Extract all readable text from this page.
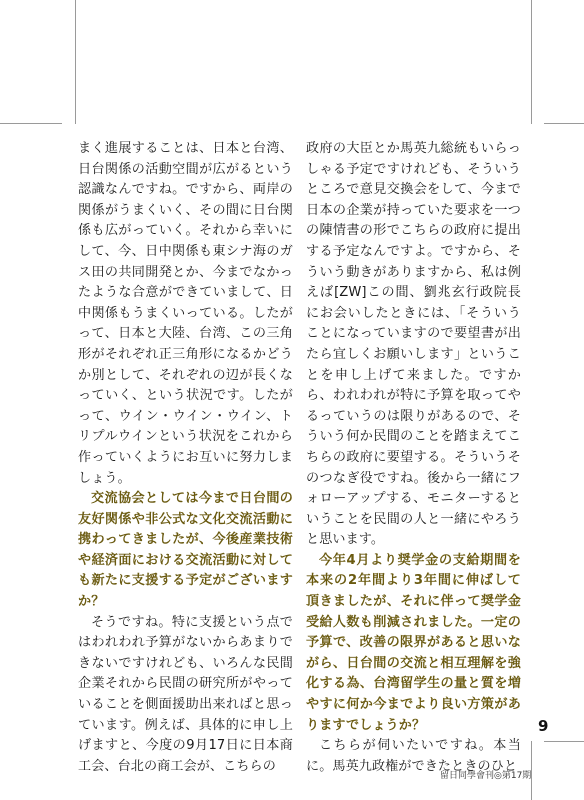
まく進展することは、日本と台湾、日台関係の活動空間が広がるという認識なんですね。ですから、両岸の関係がうまくいく、その間に日台関係も広がっていく。それから幸いにして、今、日中関係も東シナ海のガス田の共同開発とか、今までなかったような合意ができていまして、日中関係もうまくいっている。したがって、日本と大陸、台湾、この三角形がそれぞれ正三角形になるかどうか別として、それぞれの辺が長くなっていく、という状況です。したがって、ウイン・ウイン・ウイン、トリプルウインという状況をこれから作っていくようにお互いに努力しましょう。

交流協会としては今まで日台間の友好関係や非公式な文化交流活動に携わってきましたが、今後産業技術や経済面における交流活動に対しても新たに支援する予定がございますか？

そうですね。特に支援という点ではわれわれ予算がないからあまりできないですけれども、いろんな民間企業それから民間の研究所がやっていることを側面援助出来ればと思っています。例えば、具体的に申し上げますと、今度の9月17日に日本商工会、台北の商工会が、こちらの

政府の大臣とか馬英九総統もいらっしゃる予定ですけれども、そういうところで意見交換会をして、今まで日本の企業が持っていた要求を一つの陳情書の形でこちらの政府に提出する予定なんですよ。ですから、そういう動きがありますから、私は例えば[ZW]この間、劉兆玄行政院長にお会いしたときには、「そういうことになっていますので要望書が出たら宜しくお願いします」ということを申し上げて来ました。ですから、われわれが特に予算を取ってやるっていうのは限りがあるので、そういう何か民間のことを踏まえてこちらの政府に要望する。そういうそのつなぎ役ですね。後から一緒にフォローアップする、モニターするということを民間の人と一緒にやろうと思います。

今年4月より奨学金の支給期間を本来の2年間より3年間に伸ばして頂きましたが、それに伴って奨学金受給人数も削減されました。一定の予算で、改善の限界があると思いながら、日台間の交流と相互理解を強化する為、台湾留学生の量と質を増やすに何か今までより良い方策がありますでしょうか？

こちらが伺いたいですね。本当に。馬英九政権ができたときのひと

9
留日同學會刊◎第17期
